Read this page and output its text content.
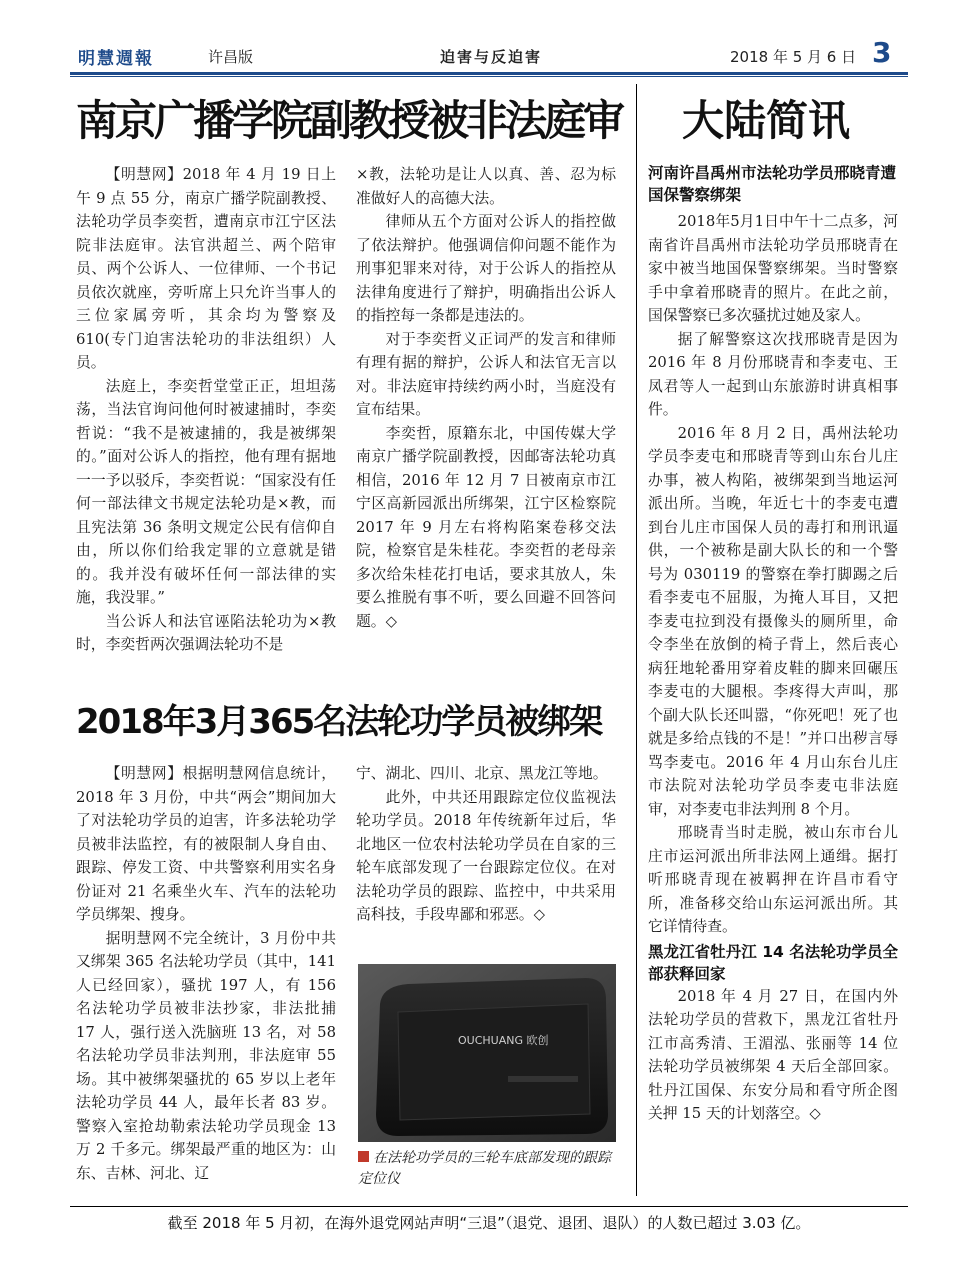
明慧週報	许昌版	迫害与反迫害	2018 年 5 月 6 日 3
南京广播学院副教授被非法庭审

【明慧网】2018 年 4 月 19 日上午 9 点 55 分，南京广播学院副教授、法轮功学员李奕哲，遭南京市江宁区法院非法庭审。法官洪超兰、两个陪审员、两个公诉人、一位律师、一个书记员依次就座，旁听席上只允许当事人的三位家属旁听，其余均为警察及 610(专门迫害法轮功的非法组织）人员。

法庭上，李奕哲堂堂正正，坦坦荡荡，当法官询问他何时被逮捕时，李奕哲说：“我不是被逮捕的，我是被绑架的。”面对公诉人的指控，他有理有据地一一予以驳斥，李奕哲说：“国家没有任何一部法律文书规定法轮功是×教，而且宪法第 36 条明文规定公民有信仰自由，所以你们给我定罪的立意就是错的。我并没有破坏任何一部法律的实施，我没罪。”

当公诉人和法官诬陷法轮功为×教时，李奕哲两次强调法轮功不是

×教，法轮功是让人以真、善、忍为标准做好人的高德大法。

律师从五个方面对公诉人的指控做了依法辩护。他强调信仰问题不能作为刑事犯罪来对待，对于公诉人的指控从法律角度进行了辩护，明确指出公诉人的指控每一条都是违法的。

对于李奕哲义正词严的发言和律师有理有据的辩护，公诉人和法官无言以对。非法庭审持续约两小时，当庭没有宣布结果。

李奕哲，原籍东北，中国传媒大学南京广播学院副教授，因邮寄法轮功真相信，2016 年 12 月 7 日被南京市江宁区高新园派出所绑架，江宁区检察院 2017 年 9 月左右将构陷案卷移交法院，检察官是朱桂花。李奕哲的老母亲多次给朱桂花打电话，要求其放人，朱要么推脱有事不听，要么回避不回答问题。◇

2018年3月365名法轮功学员被绑架

【明慧网】根据明慧网信息统计，2018 年 3 月份，中共“两会”期间加大了对法轮功学员的迫害，许多法轮功学员被非法监控，有的被限制人身自由、跟踪、停发工资、中共警察利用实名身份证对 21 名乘坐火车、汽车的法轮功学员绑架、搜身。

据明慧网不完全统计，3 月份中共又绑架 365 名法轮功学员（其中，141 人已经回家），骚扰 197 人，有 156 名法轮功学员被非法抄家，非法批捕 17 人，强行送入洗脑班 13 名，对 58 名法轮功学员非法判刑，非法庭审 55 场。其中被绑架骚扰的 65 岁以上老年法轮功学员 44 人，最年长者 83 岁。警察入室抢劫勒索法轮功学员现金 13 万 2 千多元。绑架最严重的地区为：山东、吉林、河北、辽

宁、湖北、四川、北京、黑龙江等地。

此外，中共还用跟踪定位仪监视法轮功学员。2018 年传统新年过后，华北地区一位农村法轮功学员在自家的三轮车底部发现了一台跟踪定位仪。在对法轮功学员的跟踪、监控中，中共采用高科技，手段卑鄙和邪恶。◇

OUCHUANG 欧创
在法轮功学员的三轮车底部发现的跟踪定位仪
大陆简讯
河南许昌禹州市法轮功学员邢晓青遭国保警察绑架

2018年5月1日中午十二点多，河南省许昌禹州市法轮功学员邢晓青在家中被当地国保警察绑架。当时警察手中拿着邢晓青的照片。在此之前，国保警察已多次骚扰过她及家人。

据了解警察这次找邢晓青是因为 2016 年 8 月份邢晓青和李麦屯、王凤君等人一起到山东旅游时讲真相事件。

2016 年 8 月 2 日，禹州法轮功学员李麦屯和邢晓青等到山东台儿庄办事，被人构陷，被绑架到当地运河派出所。当晚，年近七十的李麦屯遭到台儿庄市国保人员的毒打和刑讯逼供，一个被称是副大队长的和一个警号为 030119 的警察在拳打脚踢之后看李麦屯不屈服，为掩人耳目，又把李麦屯拉到没有摄像头的厕所里，命令李坐在放倒的椅子背上，然后丧心病狂地轮番用穿着皮鞋的脚来回碾压李麦屯的大腿根。李疼得大声叫，那个副大队长还叫嚣，“你死吧！死了也就是多给点钱的不是！”并口出秽言辱骂李麦屯。2016 年 4 月山东台儿庄市法院对法轮功学员李麦屯非法庭审，对李麦屯非法判刑 8 个月。

邢晓青当时走脱，被山东市台儿庄市运河派出所非法网上通缉。据打听邢晓青现在被羁押在许昌市看守所，准备移交给山东运河派出所。其它详情待查。

黑龙江省牡丹江 14 名法轮功学员全部获释回家

2018 年 4 月 27 日，在国内外法轮功学员的营救下，黑龙江省牡丹江市高秀清、王湄泓、张丽等 14 位法轮功学员被绑架 4 天后全部回家。牡丹江国保、东安分局和看守所企图关押 15 天的计划落空。◇

截至 2018 年 5 月初，在海外退党网站声明“三退”（退党、退团、退队）的人数已超过 3.03 亿。
